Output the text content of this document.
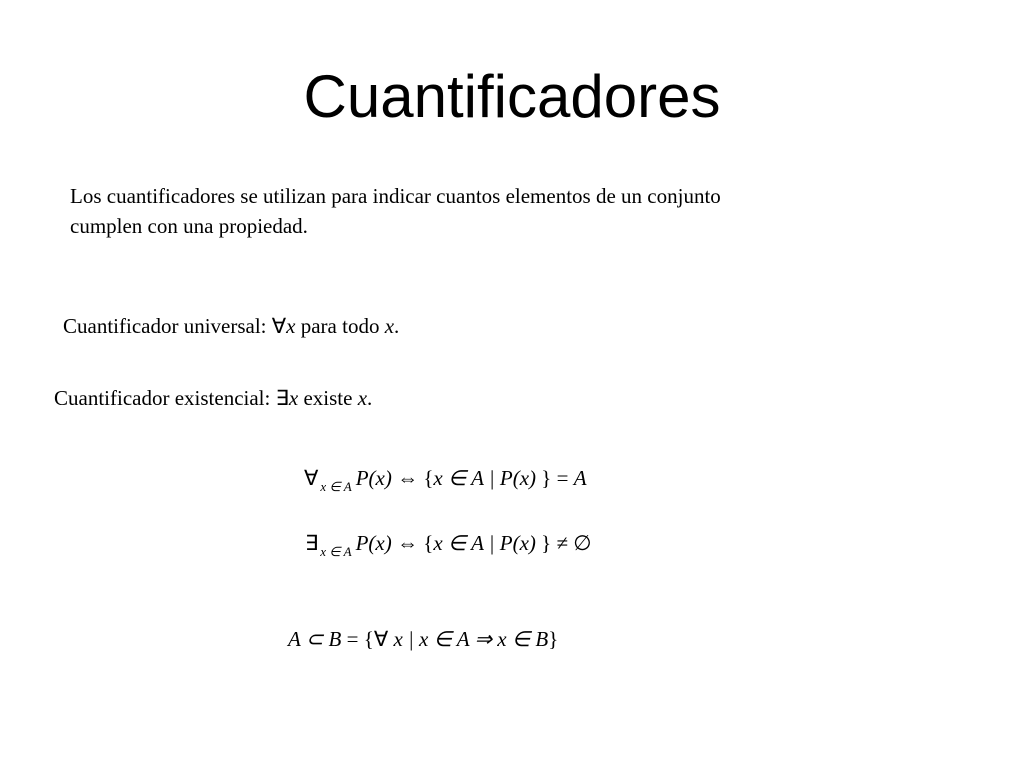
Cuantificadores
Los cuantificadores se utilizan para indicar cuantos elementos de un conjunto
cumplen con una propiedad.
Cuantificador universal: ∀x para todo x.
Cuantificador existencial: ∃x existe x.
∀ $_{x \in A}$ P(x) ⇔ {x ∈ A | P(x) } = A
∃ $_{x \in A}$ P(x) ⇔ {x ∈ A | P(x) } ≠ ∅
A ⊂ B = {∀ x | x ∈ A ⇒ x ∈ B}
